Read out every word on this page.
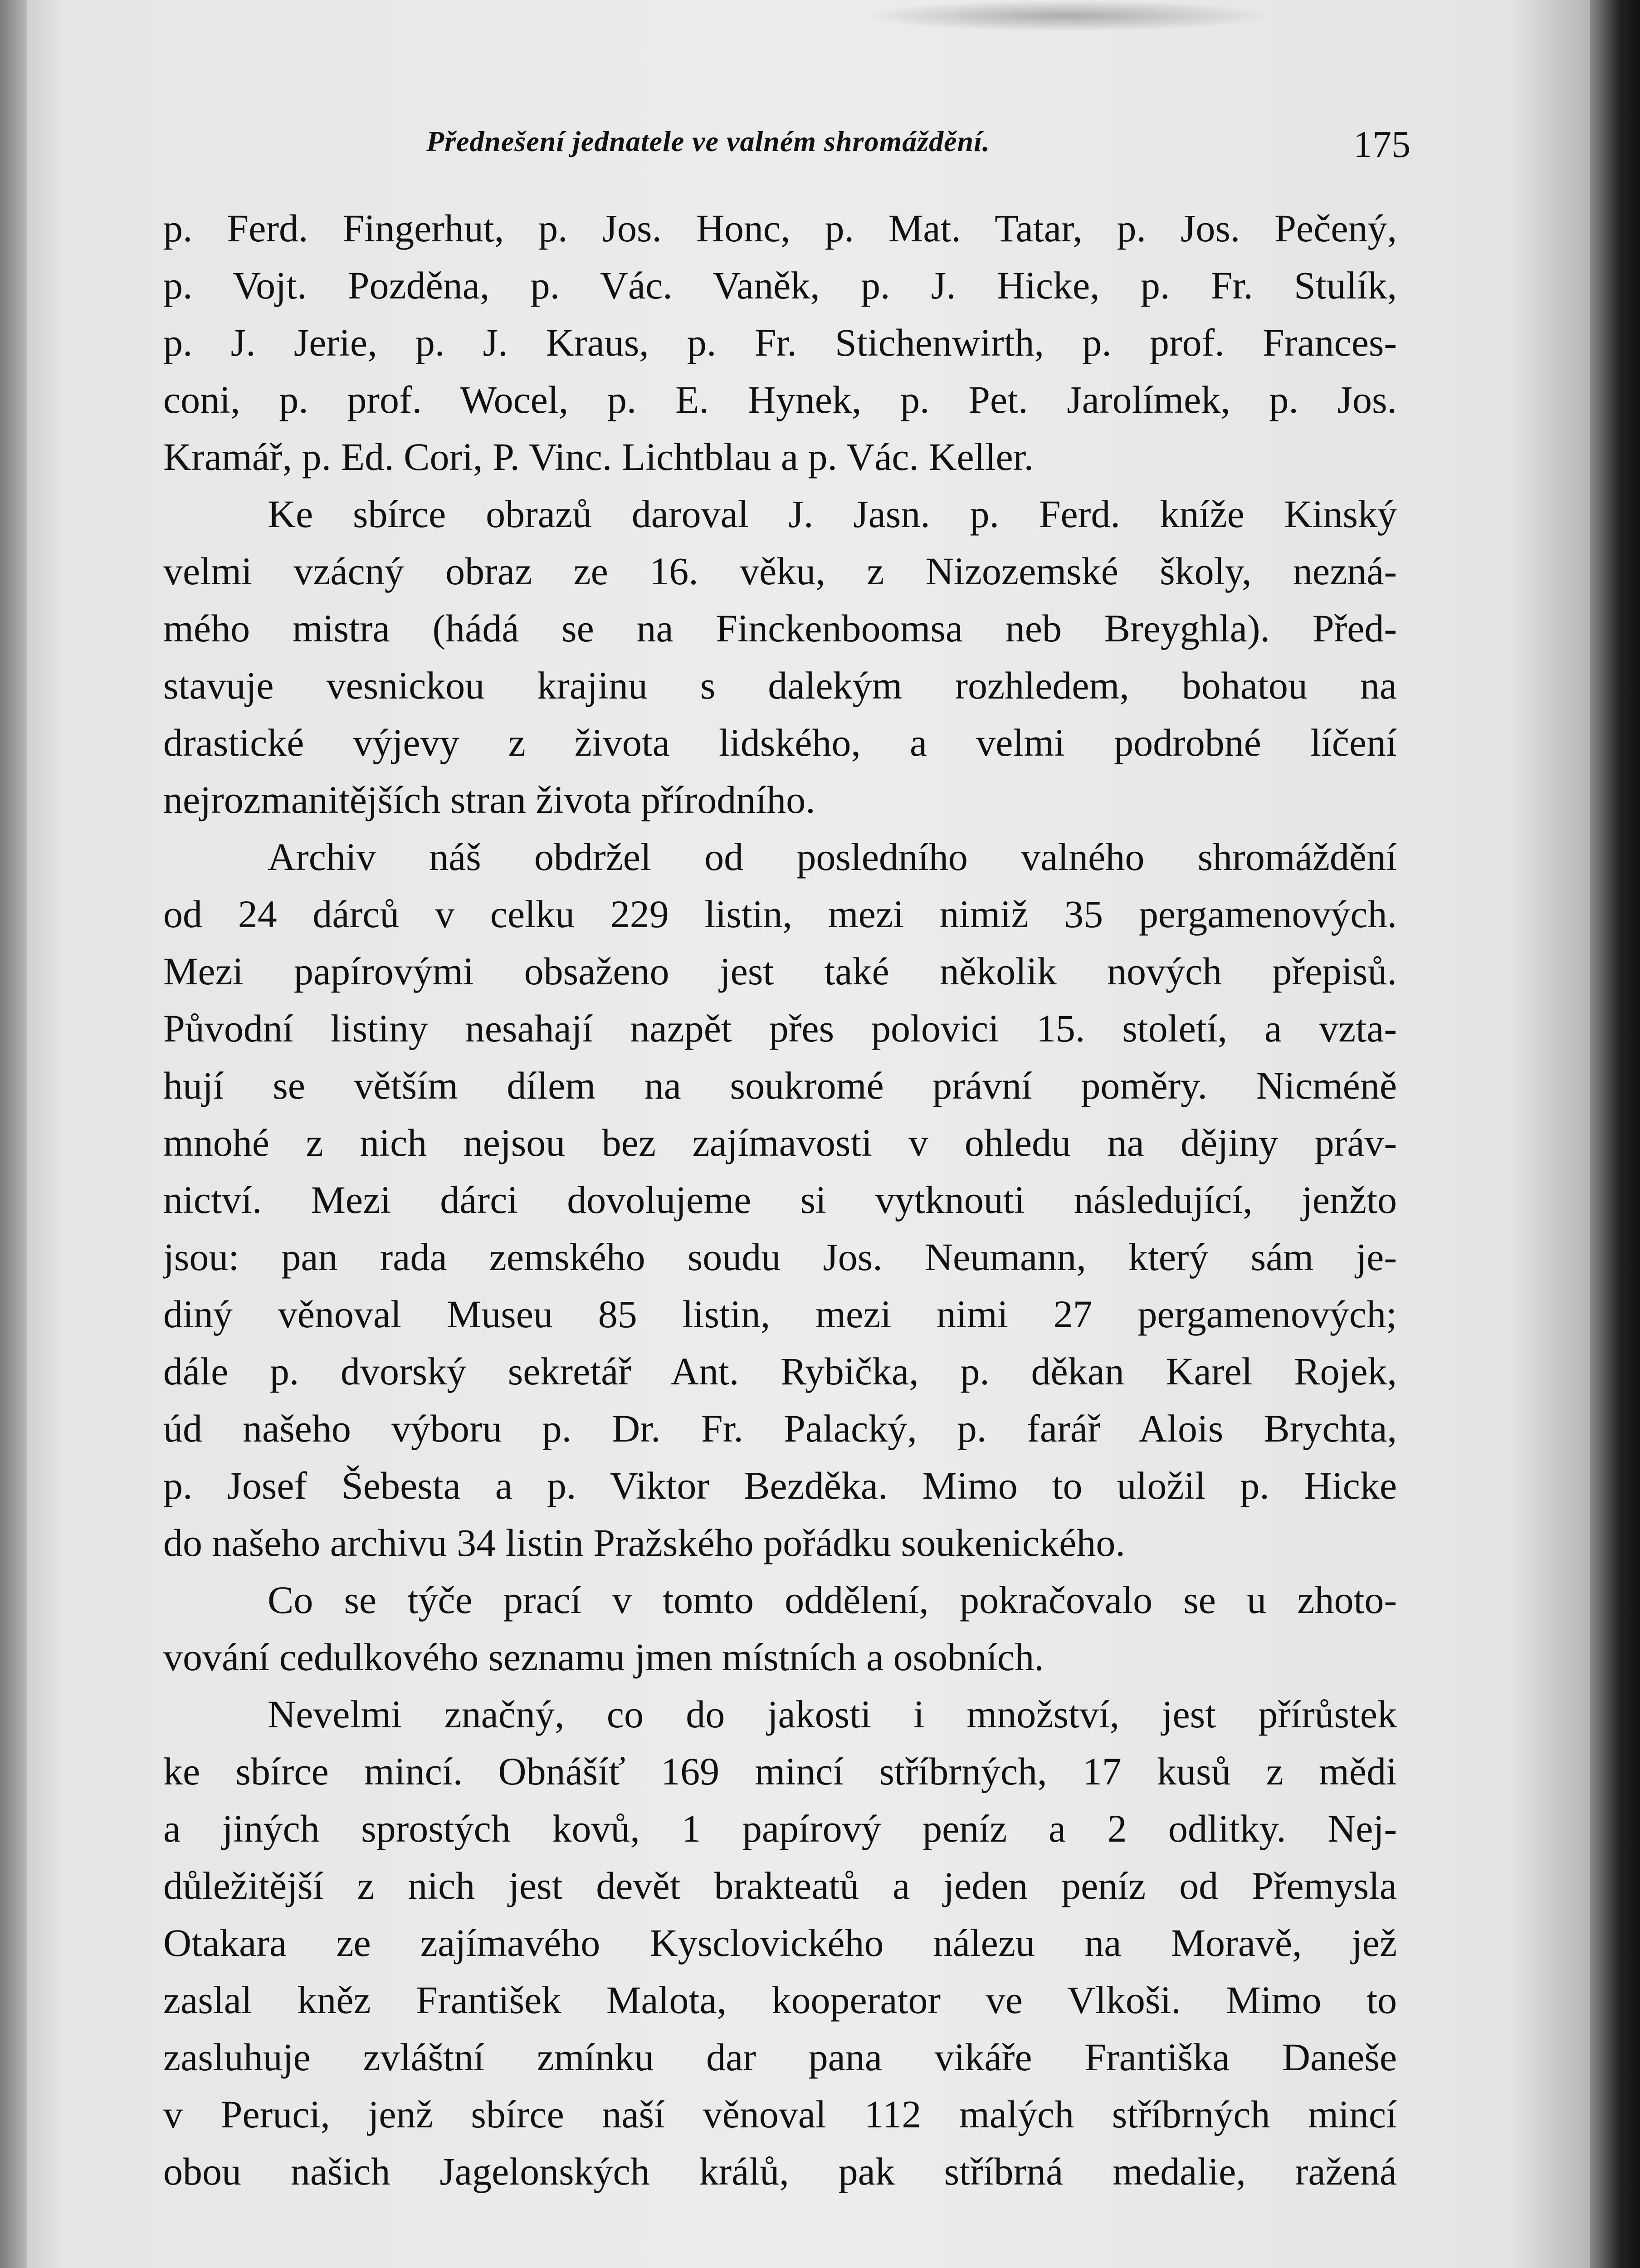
Přednešení jednatele ve valném shromáždění.	175
p. Ferd. Fingerhut, p. Jos. Honc, p. Mat. Tatar, p. Jos. Pečený,
p. Vojt. Pozděna, p. Vác. Vaněk, p. J. Hicke, p. Fr. Stulík,
p. J. Jerie, p. J. Kraus, p. Fr. Stichenwirth, p. prof. Frances-
coni, p. prof. Wocel, p. E. Hynek, p. Pet. Jarolímek, p. Jos.
Kramář, p. Ed. Cori, P. Vinc. Lichtblau a p. Vác. Keller.
Ke sbírce obrazů daroval J. Jasn. p. Ferd. kníže Kinský
velmi vzácný obraz ze 16. věku, z Nizozemské školy, nezná-
mého mistra (hádá se na Finckenboomsa neb Breyghla). Před-
stavuje vesnickou krajinu s dalekým rozhledem, bohatou na
drastické výjevy z života lidského, a velmi podrobné líčení
nejrozmanitějších stran života přírodního.
Archiv náš obdržel od posledního valného shromáždění
od 24 dárců v celku 229 listin, mezi nimiž 35 pergamenových.
Mezi papírovými obsaženo jest také několik nových přepisů.
Původní listiny nesahají nazpět přes polovici 15. století, a vzta-
hují se větším dílem na soukromé právní poměry. Nicméně
mnohé z nich nejsou bez zajímavosti v ohledu na dějiny práv-
nictví. Mezi dárci dovolujeme si vytknouti následující, jenžto
jsou: pan rada zemského soudu Jos. Neumann, který sám je-
diný věnoval Museu 85 listin, mezi nimi 27 pergamenových;
dále p. dvorský sekretář Ant. Rybička, p. děkan Karel Rojek,
úd našeho výboru p. Dr. Fr. Palacký, p. farář Alois Brychta,
p. Josef Šebesta a p. Viktor Bezděka. Mimo to uložil p. Hicke
do našeho archivu 34 listin Pražského pořádku soukenického.
Co se týče prací v tomto oddělení, pokračovalo se u zhoto-
vování cedulkového seznamu jmen místních a osobních.
Nevelmi značný, co do jakosti i množství, jest přírůstek
ke sbírce mincí. Obnášíť 169 mincí stříbrných, 17 kusů z mědi
a jiných sprostých kovů, 1 papírový peníz a 2 odlitky. Nej-
důležitější z nich jest devět brakteatů a jeden peníz od Přemysla
Otakara ze zajímavého Kysclovického nálezu na Moravě, jež
zaslal kněz František Malota, kooperator ve Vlkoši. Mimo to
zasluhuje zvláštní zmínku dar pana vikáře Františka Daneše
v Peruci, jenž sbírce naší věnoval 112 malých stříbrných mincí
obou našich Jagelonských králů, pak stříbrná medalie, ražená
